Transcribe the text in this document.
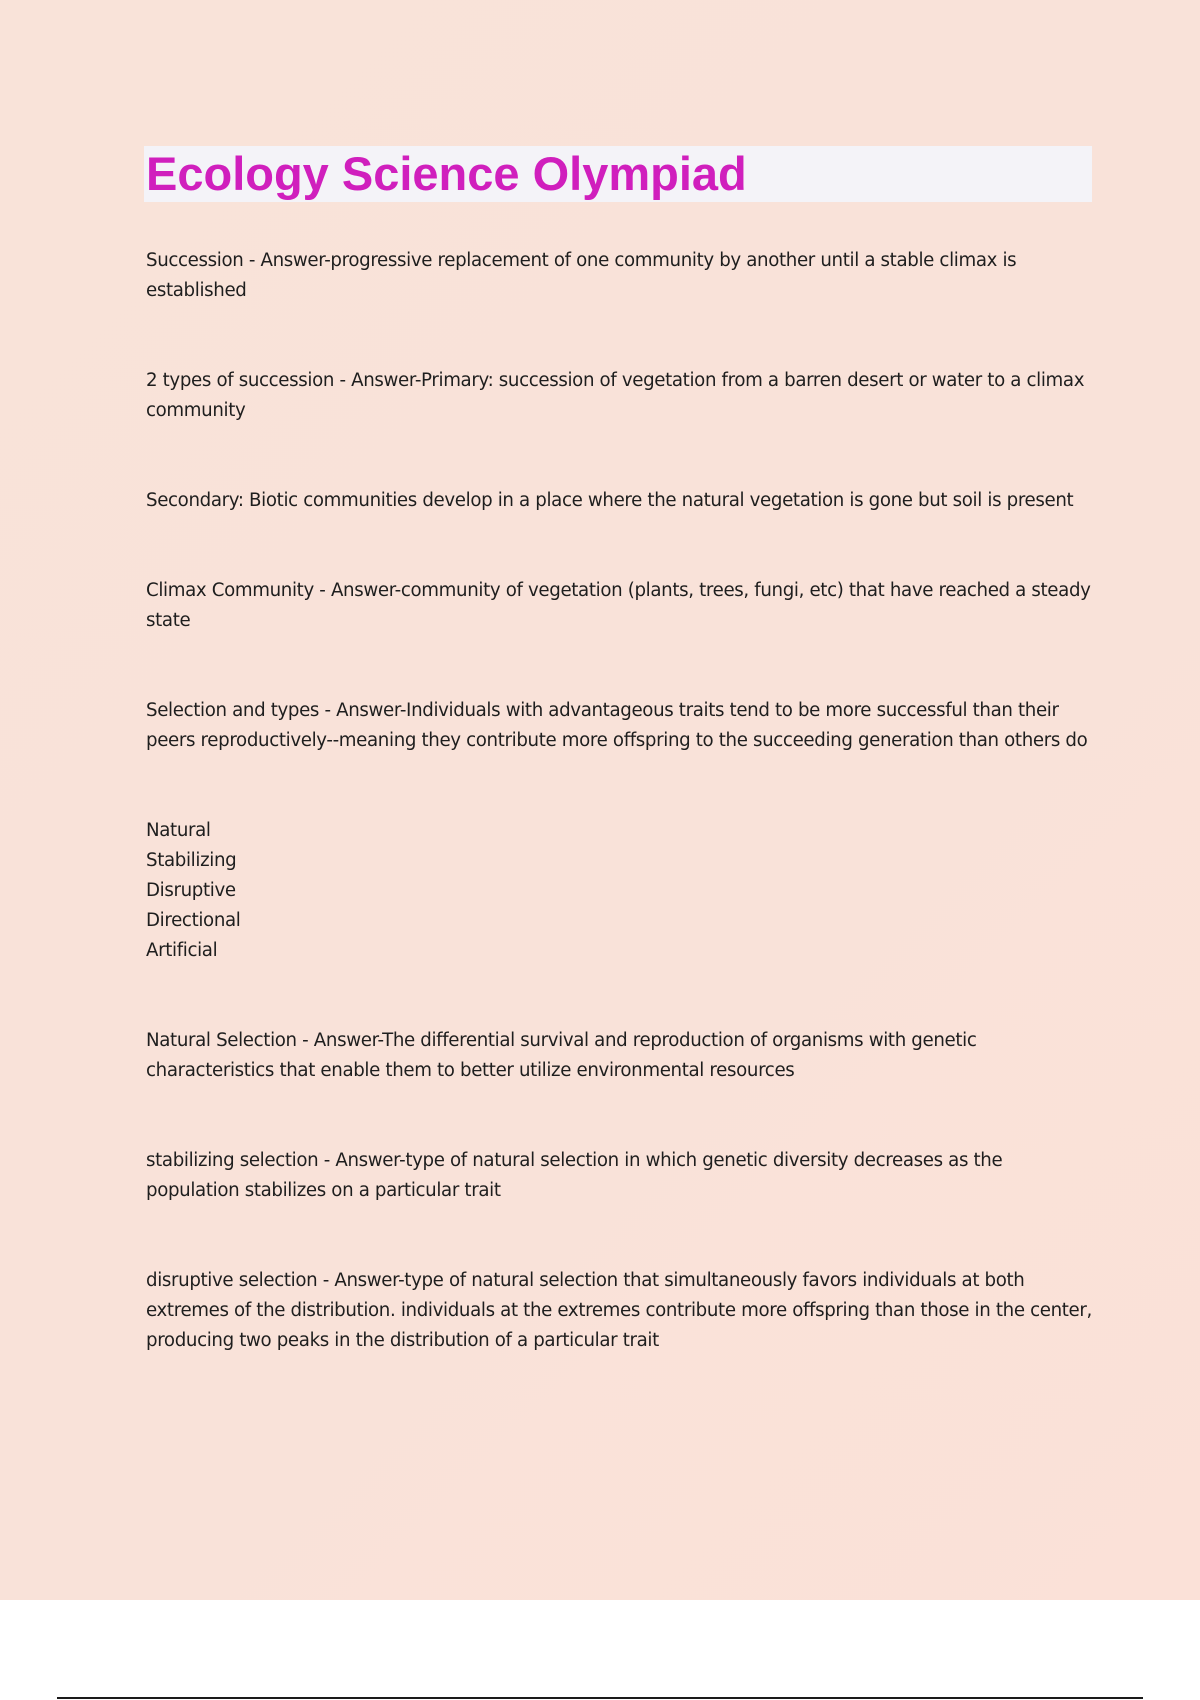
Ecology Science Olympiad

Succession - Answer-progressive replacement of one community by another until a stable climax is established

2 types of succession - Answer-Primary: succession of vegetation from a barren desert or water to a climax community

Secondary: Biotic communities develop in a place where the natural vegetation is gone but soil is present

Climax Community - Answer-community of vegetation (plants, trees, fungi, etc) that have reached a steady state

Selection and types - Answer-Individuals with advantageous traits tend to be more successful than their peers reproductively--meaning they contribute more offspring to the succeeding generation than others do

Natural

Stabilizing

Disruptive

Directional

Artificial

Natural Selection - Answer-The differential survival and reproduction of organisms with genetic characteristics that enable them to better utilize environmental resources

stabilizing selection - Answer-type of natural selection in which genetic diversity decreases as the population stabilizes on a particular trait

disruptive selection - Answer-type of natural selection that simultaneously favors individuals at both extremes of the distribution. individuals at the extremes contribute more offspring than those in the center, producing two peaks in the distribution of a particular trait
